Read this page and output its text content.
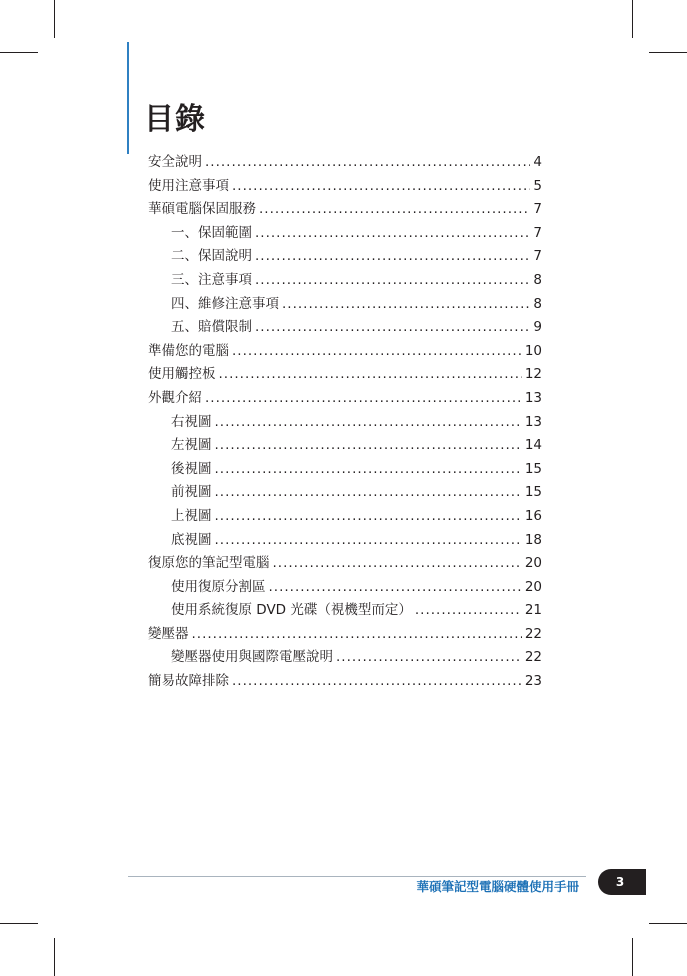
目錄
安全說明 .....	4
使用注意事項 .....	5
華碩電腦保固服務 .....	7
一、保固範圍 .....	7
二、保固說明 .....	7
三、注意事項 .....	8
四、維修注意事項 .....	8
五、賠償限制 .....	9
準備您的電腦 .....	10
使用觸控板 .....	12
外觀介紹 .....	13
右視圖 .....	13
左視圖 .....	14
後視圖 .....	15
前視圖 .....	15
上視圖 .....	16
底視圖 .....	18
復原您的筆記型電腦 .....	20
使用復原分割區 .....	20
使用系統復原 DVD 光碟（視機型而定） .....	21
變壓器 .....	22
變壓器使用與國際電壓說明 .....	22
簡易故障排除 .....	23
華碩筆記型電腦硬體使用手冊	3
